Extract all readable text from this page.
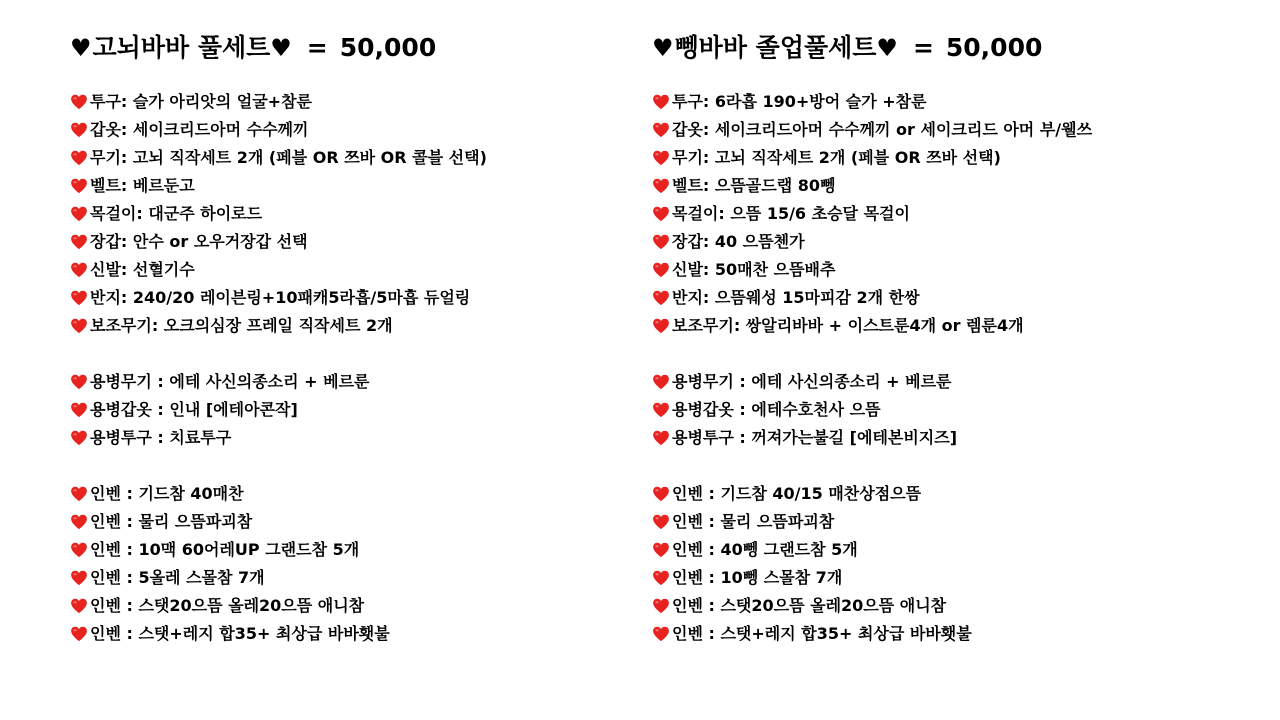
♥ 고뇌바바 풀세트 ♥ = 50,000
투구: 슬가 아리앗의 얼굴+참룬
갑옷: 세이크리드아머 수수께끼
무기: 고뇌 직작세트 2개 (페블 OR 쯔바 OR 콜블 선택)
벨트: 베르둔고
목걸이: 대군주 하이로드
장갑: 안수 or 오우거장갑 선택
신발: 선혈기수
반지: 240/20 레이븐링+10패캐5라흡/5마흡 듀얼링
보조무기: 오크의심장 프레일 직작세트 2개
용병무기 : 에테 사신의종소리 + 베르룬
용병갑옷 : 인내 [에테아콘작]
용병투구 : 치료투구
인벤 : 기드참 40매찬
인벤 : 물리 으뜸파괴참
인벤 : 10맥 60어레UP 그랜드참 5개
인벤 : 5올레 스몰참 7개
인벤 : 스탯20으뜸 올레20으뜸 애니참
인벤 : 스탯+레지 합35+ 최상급 바바횃불
♥ 뼁바바 졸업풀세트 ♥ = 50,000
투구: 6라흡 190+방어 슬가 +참룬
갑옷: 세이크리드아머 수수께끼 or 세이크리드 아머 부/웰쓰
무기: 고뇌 직작세트 2개 (페블 OR 쯔바 선택)
벨트: 으뜸골드랩 80뼁
목걸이: 으뜸 15/6 초승달 목걸이
장갑: 40 으뜸첸가
신발: 50매찬 으뜸배추
반지: 으뜸웨성 15마피감 2개 한쌍
보조무기: 쌍알리바바 + 이스트룬4개 or 렘룬4개
용병무기 : 에테 사신의종소리 + 베르룬
용병갑옷 : 에테수호천사 으뜸
용병투구 : 꺼져가는불길 [에테본비지즈]
인벤 : 기드참 40/15 매찬상점으뜸
인벤 : 물리 으뜸파괴참
인벤 : 40뼁 그랜드참 5개
인벤 : 10뼁 스몰참 7개
인벤 : 스탯20으뜸 올레20으뜸 애니참
인벤 : 스탯+레지 합35+ 최상급 바바횃불
